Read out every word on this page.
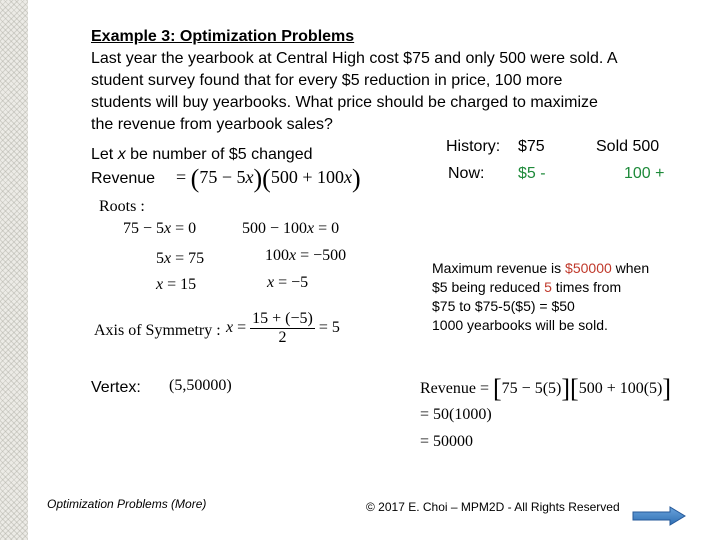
Example 3: Optimization Problems
Last year the yearbook at Central High cost $75 and only 500 were sold. A
student survey found that for every $5 reduction in price, 100 more
students will buy yearbooks. What price should be charged to maximize
the revenue from yearbook sales?
Let x be number of $5 changed
Revenue = (75 − 5x)(500 + 100x)
History: $75	Sold 500
Now: $5 -	100 +
Roots :
75 − 5x = 0
5x = 75
x = 15
500 − 100x = 0
100x = −500
x = −5
Axis of Symmetry : $x = \frac{15 + (-5)}{2} = 5$
Maximum revenue is $50000 when
$5 being reduced 5 times from
$75 to $75-5($5) = $50
1000 yearbooks will be sold.
Vertex: (5,50000)	Revenue = [75 − 5(5)][500 + 100(5)]
= 50(1000)
= 50000
Optimization Problems (More)	© 2017 E. Choi – MPM2D - All Rights Reserved
